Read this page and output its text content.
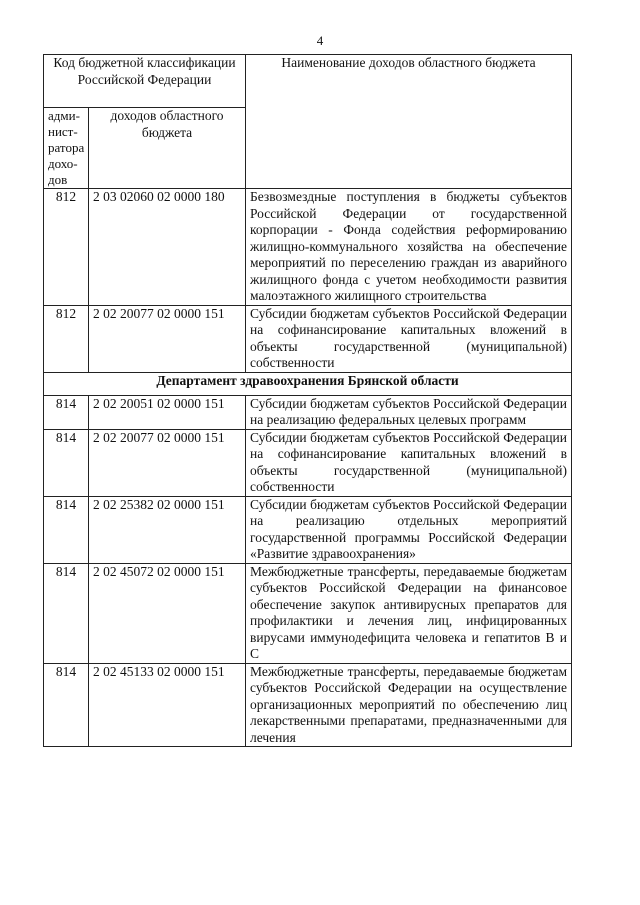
4
Код бюджетной классификации Российской Федерации		Наименование доходов областного бюджета
адми-нист-ратора дохо-дов	доходов областного бюджета	
812	2 03 02060 02 0000 180	Безвозмездные поступления в бюджеты субъектов Российской Федерации от государственной корпорации - Фонда содействия реформированию жилищно-коммунального хозяйства на обеспечение мероприятий по переселению граждан из аварийного жилищного фонда с учетом необходимости развития малоэтажного жилищного строительства
812	2 02 20077 02 0000 151	Субсидии бюджетам субъектов Российской Федерации на софинансирование капитальных вложений в объекты государственной (муниципальной) собственности
Департамент здравоохранения Брянской области		
814	2 02 20051 02 0000 151	Субсидии бюджетам субъектов Российской Федерации на реализацию федеральных целевых программ
814	2 02 20077 02 0000 151	Субсидии бюджетам субъектов Российской Федерации на софинансирование капитальных вложений в объекты государственной (муниципальной) собственности
814	2 02 25382 02 0000 151	Субсидии бюджетам субъектов Российской Федерации на реализацию отдельных мероприятий государственной программы Российской Федерации «Развитие здравоохранения»
814	2 02 45072 02 0000 151	Межбюджетные трансферты, передаваемые бюджетам субъектов Российской Федерации на финансовое обеспечение закупок антивирусных препаратов для профилактики и лечения лиц, инфицированных вирусами иммунодефицита человека и гепатитов В и С
814	2 02 45133 02 0000 151	Межбюджетные трансферты, передаваемые бюджетам субъектов Российской Федерации на осуществление организационных мероприятий по обеспечению лиц лекарственными препаратами, предназначенными для лечения
